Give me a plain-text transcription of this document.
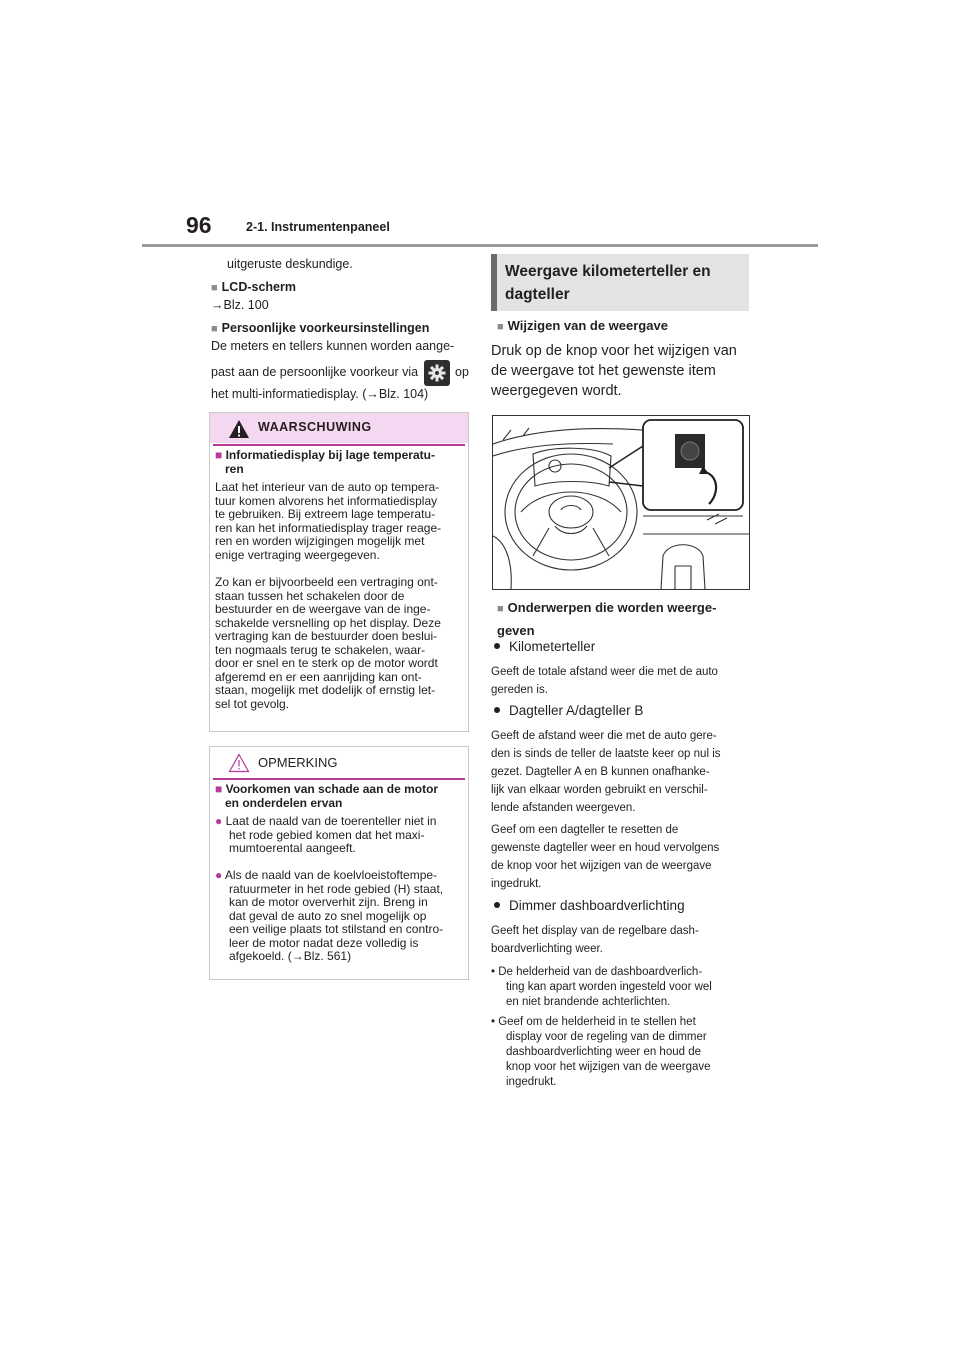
96	2-1. Instrumentenpaneel
uitgeruste deskundige.
■ LCD-scherm
→Blz. 100
■ Persoonlijke voorkeursinstellingen
De meters en tellers kunnen worden aange-
past aan de persoonlijke voorkeur via	op
het multi-informatiedisplay. (→Blz. 104)
WAARSCHUWING
■ Informatiedisplay bij lage temperatu-
ren
Laat het interieur van de auto op tempera-
tuur komen alvorens het informatiedisplay
te gebruiken. Bij extreem lage temperatu-
ren kan het informatiedisplay trager reage-
ren en worden wijzigingen mogelijk met
enige vertraging weergegeven.
Zo kan er bijvoorbeeld een vertraging ont-
staan tussen het schakelen door de
bestuurder en de weergave van de inge-
schakelde versnelling op het display. Deze
vertraging kan de bestuurder doen beslui-
ten nogmaals terug te schakelen, waar-
door er snel en te sterk op de motor wordt
afgeremd en er een aanrijding kan ont-
staan, mogelijk met dodelijk of ernstig let-
sel tot gevolg.
OPMERKING
■ Voorkomen van schade aan de motor
en onderdelen ervan
● Laat de naald van de toerenteller niet in
het rode gebied komen dat het maxi-
mumtoerental aangeeft.
● Als de naald van de koelvloeistoftempe-
ratuurmeter in het rode gebied (H) staat,
kan de motor oververhit zijn. Breng in
dat geval de auto zo snel mogelijk op
een veilige plaats tot stilstand en contro-
leer de motor nadat deze volledig is
afgekoeld. (→Blz. 561)
Weergave kilometerteller en
dagteller
■ Wijzigen van de weergave
Druk op de knop voor het wijzigen van
de weergave tot het gewenste item
weergegeven wordt.
■ Onderwerpen die worden weerge-
geven
Kilometerteller
Geeft de totale afstand weer die met de auto
gereden is.
Dagteller A/dagteller B
Geeft de afstand weer die met de auto gere-
den is sinds de teller de laatste keer op nul is
gezet. Dagteller A en B kunnen onafhanke-
lijk van elkaar worden gebruikt en verschil-
lende afstanden weergeven.
Geef om een dagteller te resetten de
gewenste dagteller weer en houd vervolgens
de knop voor het wijzigen van de weergave
ingedrukt.
Dimmer dashboardverlichting
Geeft het display van de regelbare dash-
boardverlichting weer.
• De helderheid van de dashboardverlich-
ting kan apart worden ingesteld voor wel
en niet brandende achterlichten.
• Geef om de helderheid in te stellen het
display voor de regeling van de dimmer
dashboardverlichting weer en houd de
knop voor het wijzigen van de weergave
ingedrukt.
